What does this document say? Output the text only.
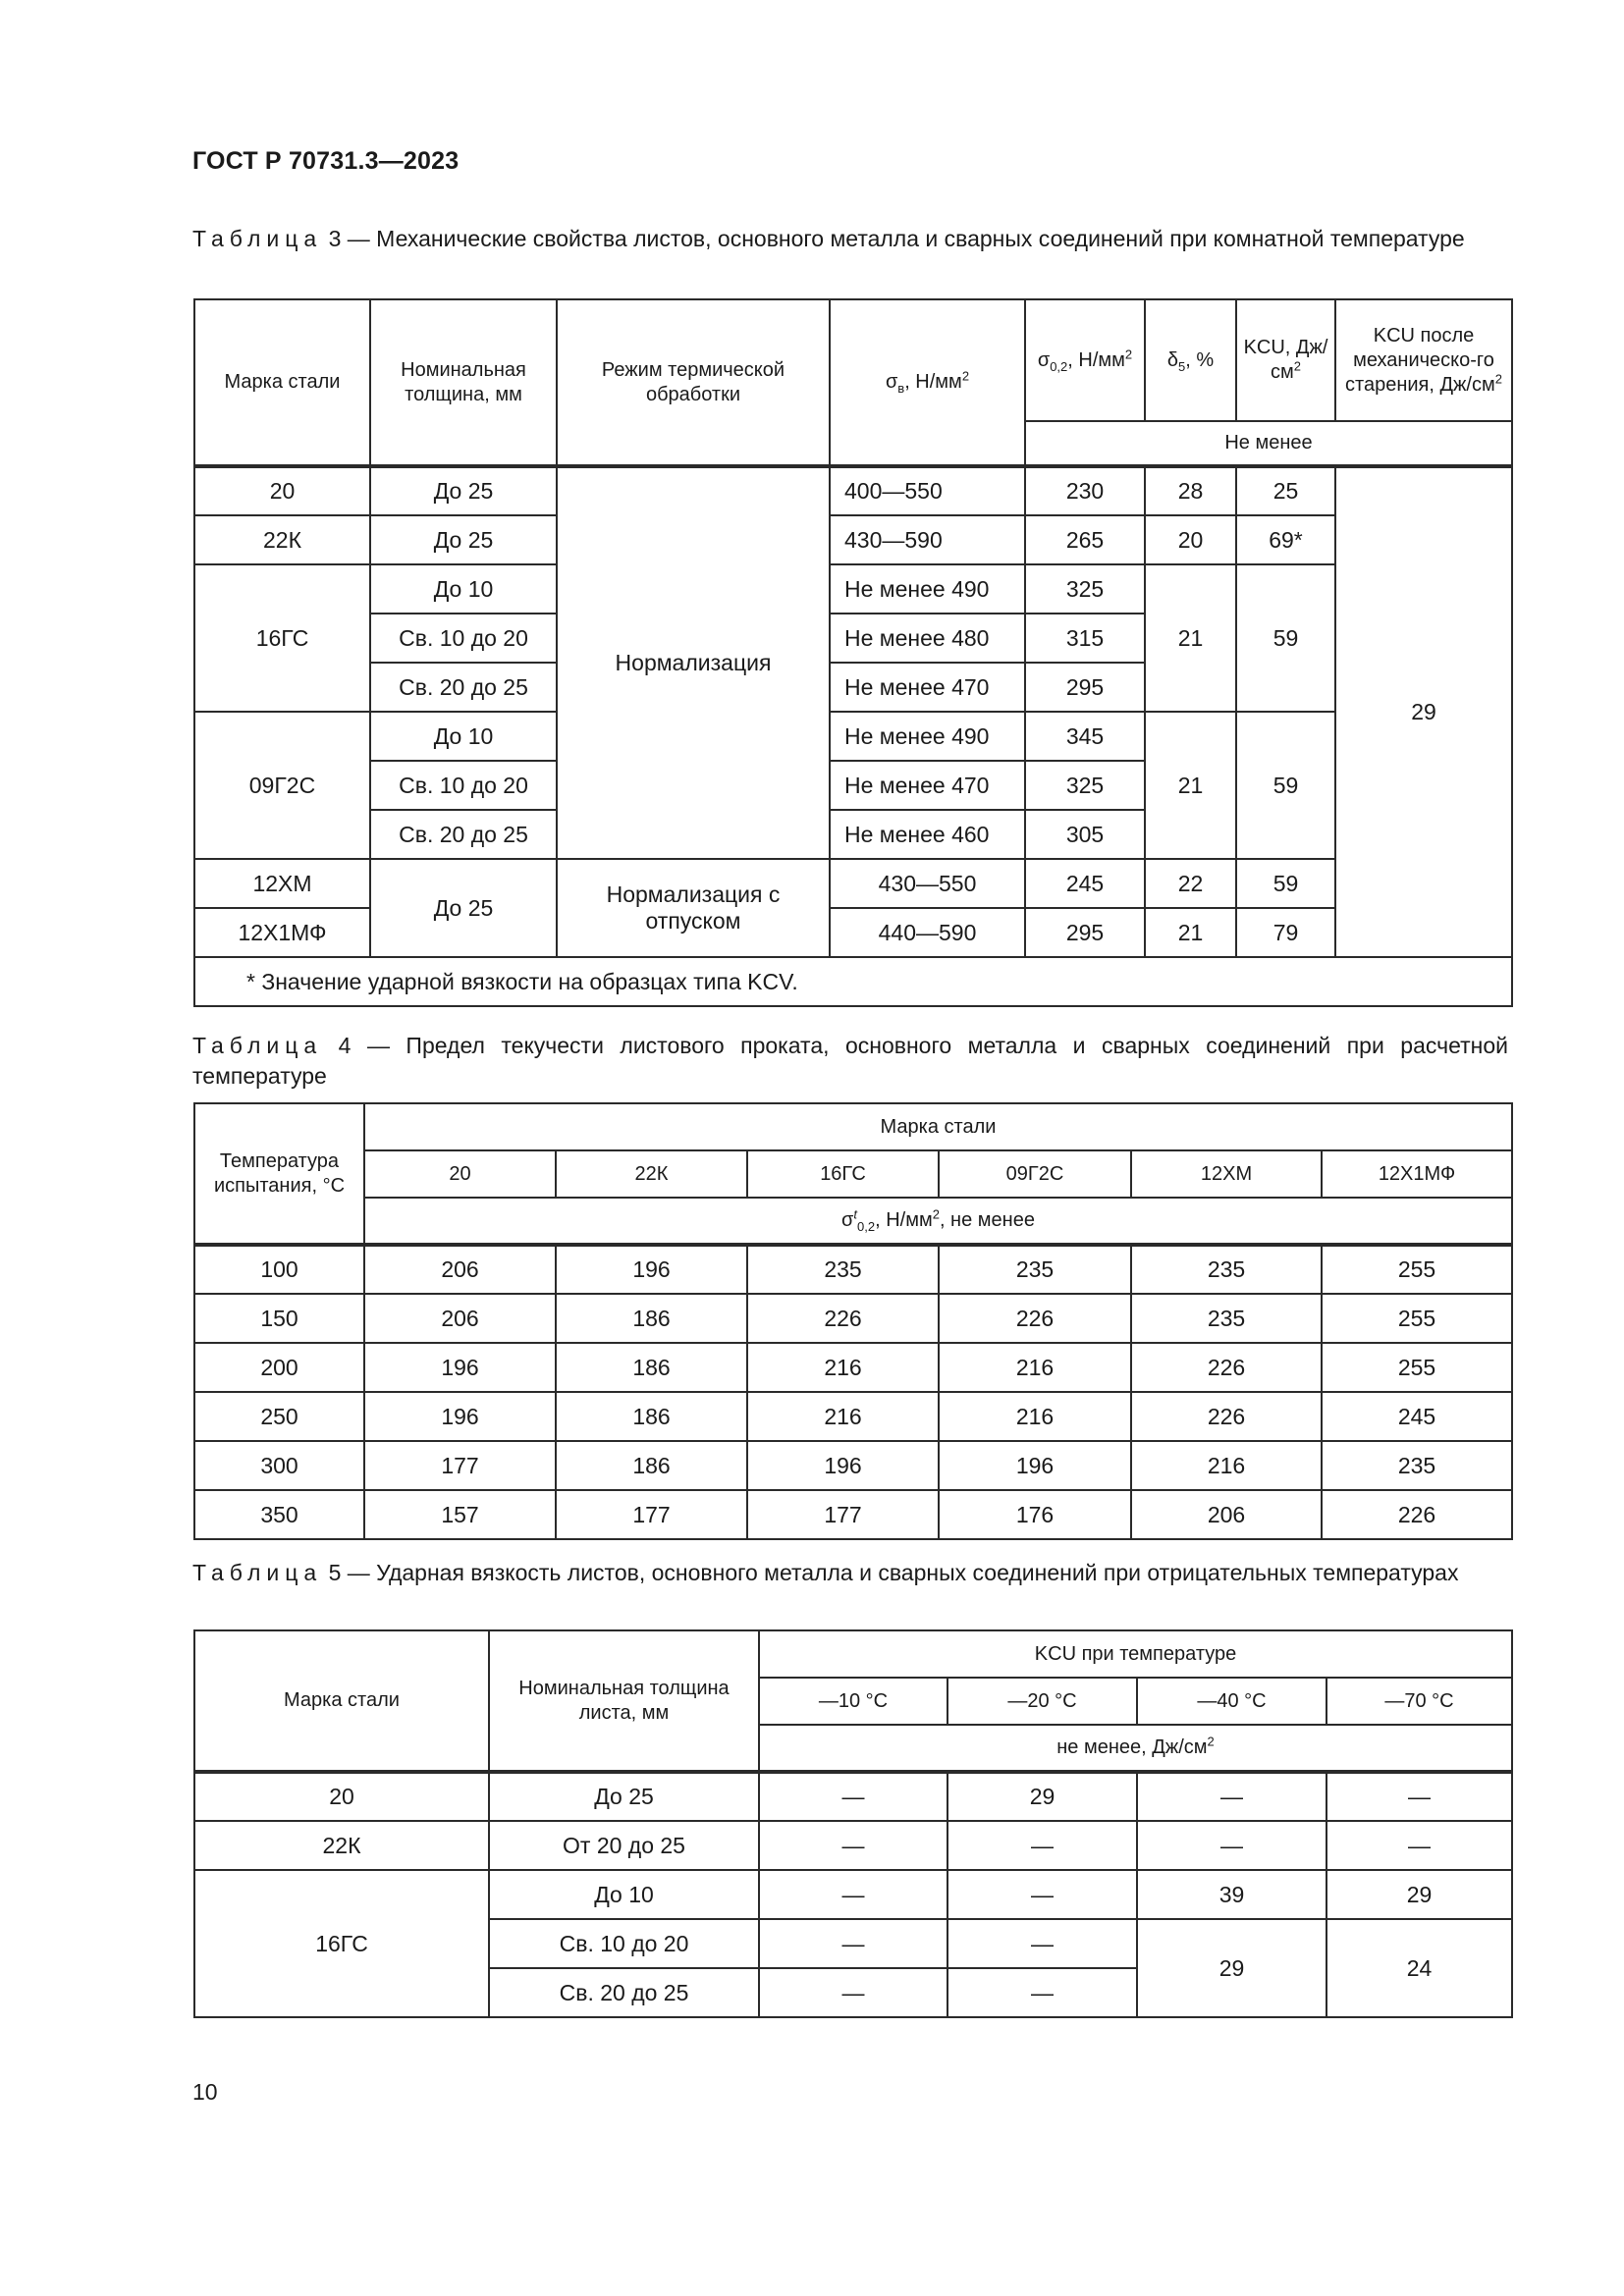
ГОСТ Р 70731.3—2023
Таблица 3 — Механические свойства листов, основного металла и сварных соединений при комнатной температуре
Марка стали	Номинальная толщина, мм	Режим термической обработки	$\sigma_в$, $Н/мм^2$	$\sigma_{0,2}$, $Н/мм^2$	$\delta_5$, %	KCU, $Дж/см^2$	KCU после механическо-го старения, $Дж/см^2$
				Не менее			
20	До 25	Нормализация	400—550	230	28	25	29
22К	До 25		430—590	265	20	69*	
16ГС	До 10		Не менее 490	325	21	59	
	Св. 10 до 20		Не менее 480	315			
	Св. 20 до 25		Не менее 470	295			
09Г2С	До 10		Не менее 490	345	21	59	
	Св. 10 до 20		Не менее 470	325			
	Св. 20 до 25		Не менее 460	305			
12ХМ	До 25	Нормализация с отпуском	430—550	245	22	59	
12Х1МФ			440—590	295	21	79	
* Значение ударной вязкости на образцах типа KCV.							
Таблица 4 — Предел текучести листового проката, основного металла и сварных соединений при расчетной температуре
Температура испытания, °С	Марка стали					
	20	22К	16ГС	09Г2С	12ХМ	12Х1МФ
	$\sigma^t_{0,2}$, $Н/мм^2$, не менее					
100	206	196	235	235	235	255
150	206	186	226	226	235	255
200	196	186	216	216	226	255
250	196	186	216	216	226	245
300	177	186	196	196	216	235
350	157	177	177	176	206	226
Таблица 5 — Ударная вязкость листов, основного металла и сварных соединений при отрицательных температурах
Марка стали	Номинальная толщина листа, мм	KCU при температуре			
		—10 °С	—20 °С	—40 °С	—70 °С
		не менее, $Дж/см^2$
20	До 25	—	29	—	—
22К	От 20 до 25	—	—	—	—
16ГС	До 10	—	—	39	29
	Св. 10 до 20	—	—	29	24
	Св. 20 до 25	—	—		
10
